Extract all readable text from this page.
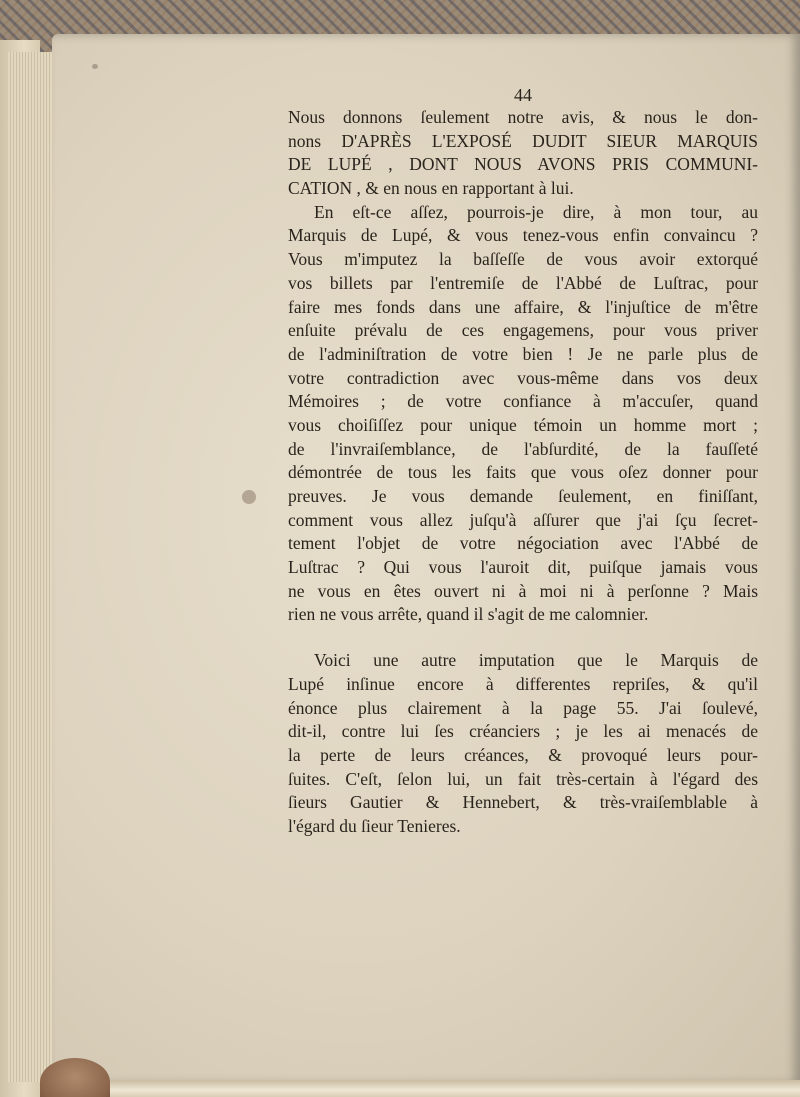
44
Nous donnons ſeulement notre avis, & nous le don-
nons D'APRÈS L'EXPOSÉ DUDIT SIEUR MARQUIS
DE LUPÉ , DONT NOUS AVONS PRIS COMMUNI-
CATION , & en nous en rapportant à lui.
En eſt-ce aſſez, pourrois-je dire, à mon tour, au
Marquis de Lupé, & vous tenez-vous enfin convaincu ?
Vous m'imputez la baſſeſſe de vous avoir extorqué
vos billets par l'entremiſe de l'Abbé de Luſtrac, pour
faire mes fonds dans une affaire, & l'injuſtice de m'être
enſuite prévalu de ces engagemens, pour vous priver
de l'adminiſtration de votre bien ! Je ne parle plus de
votre contradiction avec vous-même dans vos deux
Mémoires ; de votre confiance à m'accuſer, quand
vous choiſiſſez pour unique témoin un homme mort ;
de l'invraiſemblance, de l'abſurdité, de la fauſſeté
démontrée de tous les faits que vous oſez donner pour
preuves. Je vous demande ſeulement, en finiſſant,
comment vous allez juſqu'à aſſurer que j'ai ſçu ſecret-
tement l'objet de votre négociation avec l'Abbé de
Luſtrac ? Qui vous l'auroit dit, puiſque jamais vous
ne vous en êtes ouvert ni à moi ni à perſonne ? Mais
rien ne vous arrête, quand il s'agit de me calomnier.
Voici une autre imputation que le Marquis de
Lupé inſinue encore à differentes repriſes, & qu'il
énonce plus clairement à la page 55. J'ai ſoulevé,
dit-il, contre lui ſes créanciers ; je les ai menacés de
la perte de leurs créances, & provoqué leurs pour-
ſuites. C'eſt, ſelon lui, un fait très-certain à l'égard des
ſieurs Gautier & Hennebert, & très-vraiſemblable à
l'égard du ſieur Tenieres.
